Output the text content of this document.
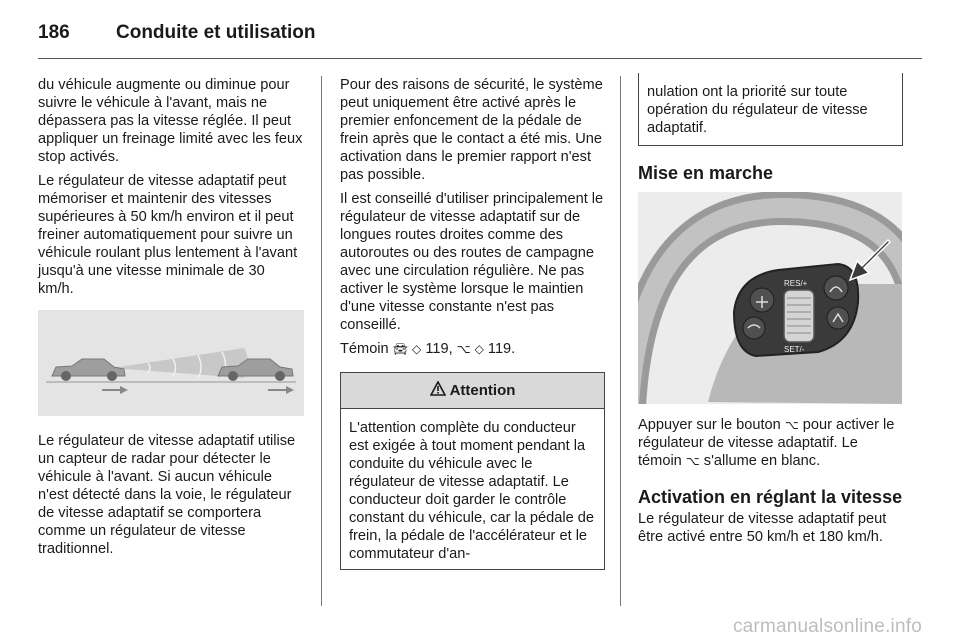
186 Conduite et utilisation

du véhicule augmente ou diminue pour suivre le véhicule à l'avant, mais ne dépassera pas la vitesse réglée. Il peut appliquer un freinage limité avec les feux stop activés.

Le régulateur de vitesse adaptatif peut mémoriser et maintenir des vitesses supérieures à 50 km/h environ et il peut freiner automatiquement pour suivre un véhicule roulant plus lentement à l'avant jusqu'à une vitesse minimale de 30 km/h.

Le régulateur de vitesse adaptatif utilise un capteur de radar pour détecter le véhicule à l'avant. Si aucun véhicule n'est détecté dans la voie, le régulateur de vitesse adaptatif se comportera comme un régulateur de vitesse traditionnel.

Pour des raisons de sécurité, le système peut uniquement être activé après le premier enfoncement de la pédale de frein après que le contact a été mis. Une activation dans le premier rapport n'est pas possible.

Il est conseillé d'utiliser principalement le régulateur de vitesse adaptatif sur de longues routes droites comme des autoroutes ou des routes de campagne avec une circulation régulière. Ne pas activer le système lorsque le maintien d'une vitesse constante n'est pas conseillé.

Témoin 🚘︎ ◇ 119, ⌥ ◇ 119.

Attention
L'attention complète du conducteur est exigée à tout moment pendant la conduite du véhicule avec le régulateur de vitesse adaptatif. Le conducteur doit garder le contrôle constant du véhicule, car la pédale de frein, la pédale de l'accélérateur et le commutateur d'an-
nulation ont la priorité sur toute opération du régulateur de vitesse adaptatif.
Mise en marche
RES/+
SET/-

Appuyer sur le bouton ⌥ pour activer le régulateur de vitesse adaptatif. Le témoin ⌥ s'allume en blanc.

Activation en réglant la vitesse

Le régulateur de vitesse adaptatif peut être activé entre 50 km/h et 180 km/h.

carmanualsonline.info
